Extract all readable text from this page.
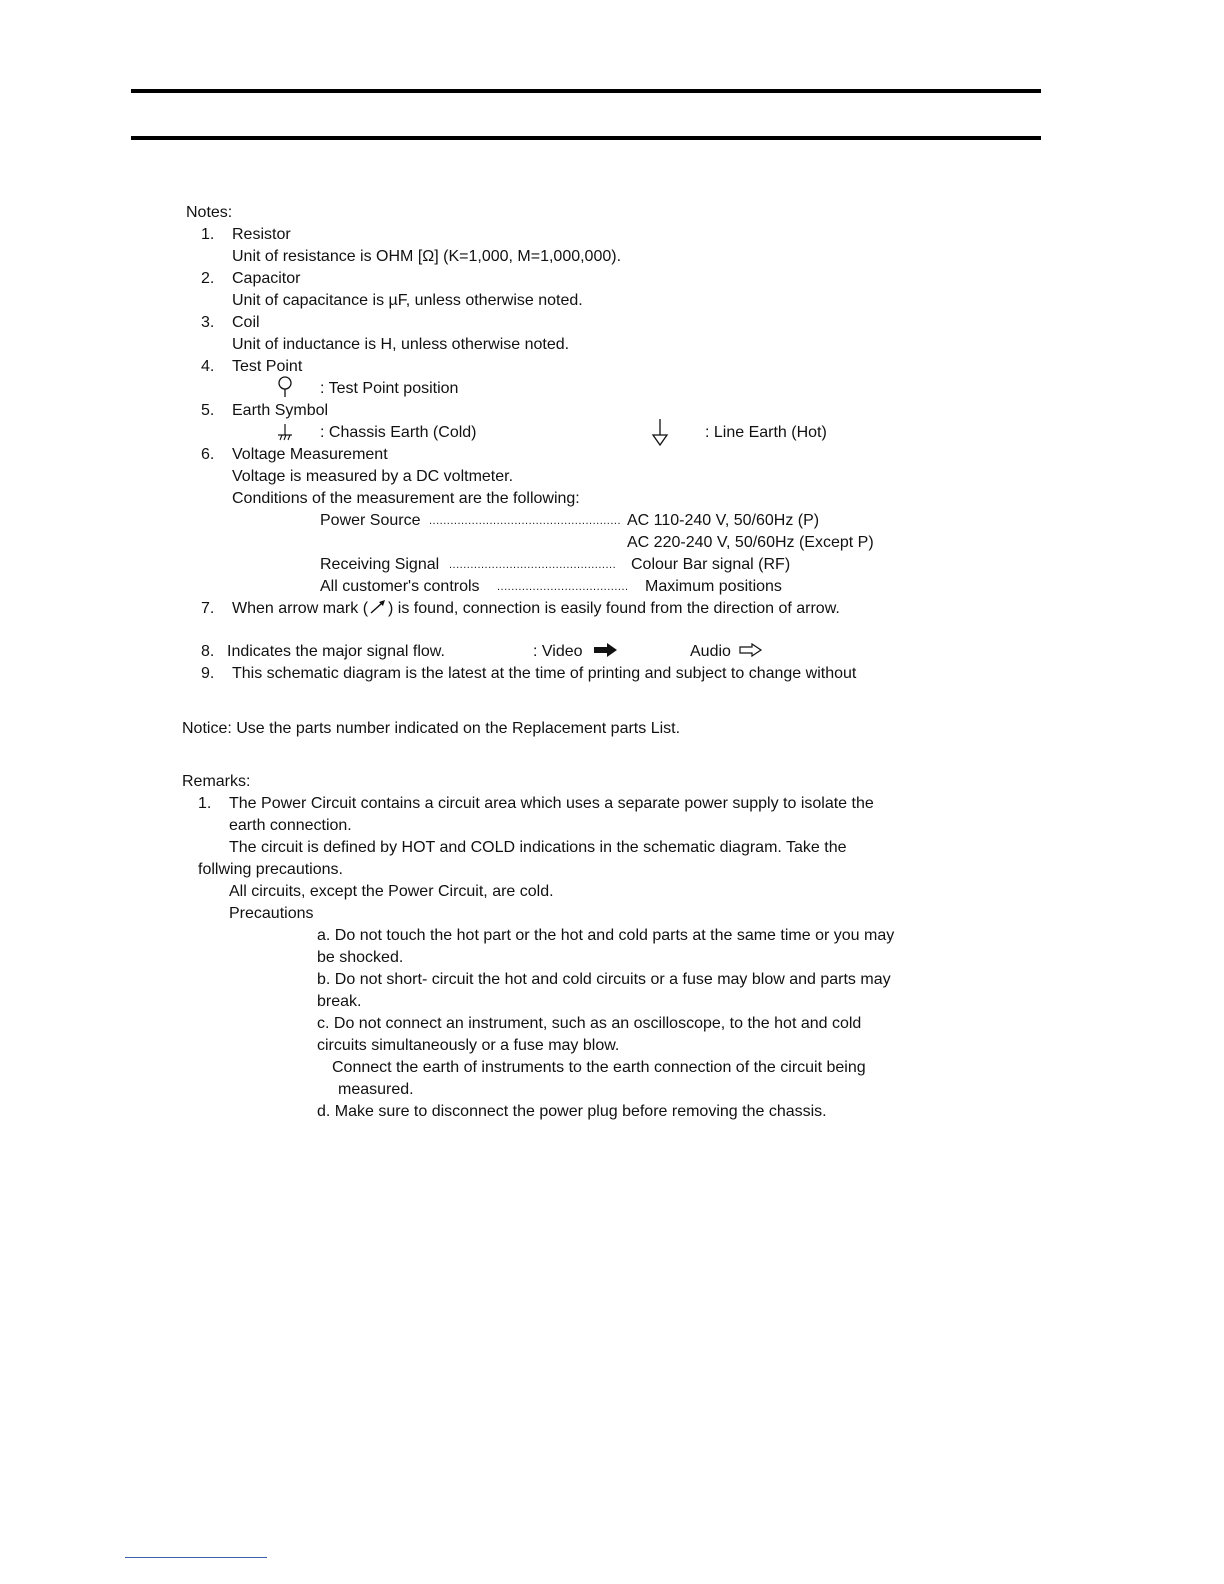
Notes:
1. Resistor
Unit of resistance is OHM [Ω] (K=1,000, M=1,000,000).
2. Capacitor
Unit of capacitance is µF, unless otherwise noted.
3. Coil
Unit of inductance is H, unless otherwise noted.
4. Test Point
: Test Point position
5. Earth Symbol
: Chassis Earth (Cold)	: Line Earth (Hot)
6. Voltage Measurement
Voltage is measured by a DC voltmeter.
Conditions of the measurement are the following:
Power Source ...................................................... AC 110-240 V, 50/60Hz (P)
AC 220-240 V, 50/60Hz (Except P)
Receiving Signal ............................................... Colour Bar signal (RF)
All customer's controls ..................................... Maximum positions
7. When arrow mark ( ) is found, connection is easily found from the direction of arrow.
8. Indicates the major signal flow.	: Video	Audio
9. This schematic diagram is the latest at the time of printing and subject to change without
Notice: Use the parts number indicated on the Replacement parts List.
Remarks:
1. The Power Circuit contains a circuit area which uses a separate power supply to isolate the
earth connection.
The circuit is defined by HOT and COLD indications in the schematic diagram. Take the
follwing precautions.
All circuits, except the Power Circuit, are cold.
Precautions
a. Do not touch the hot part or the hot and cold parts at the same time or you may
be shocked.
b. Do not short- circuit the hot and cold circuits or a fuse may blow and parts may
break.
c. Do not connect an instrument, such as an oscilloscope, to the hot and cold
circuits simultaneously or a fuse may blow.
Connect the earth of instruments to the earth connection of the circuit being
measured.
d. Make sure to disconnect the power plug before removing the chassis.
